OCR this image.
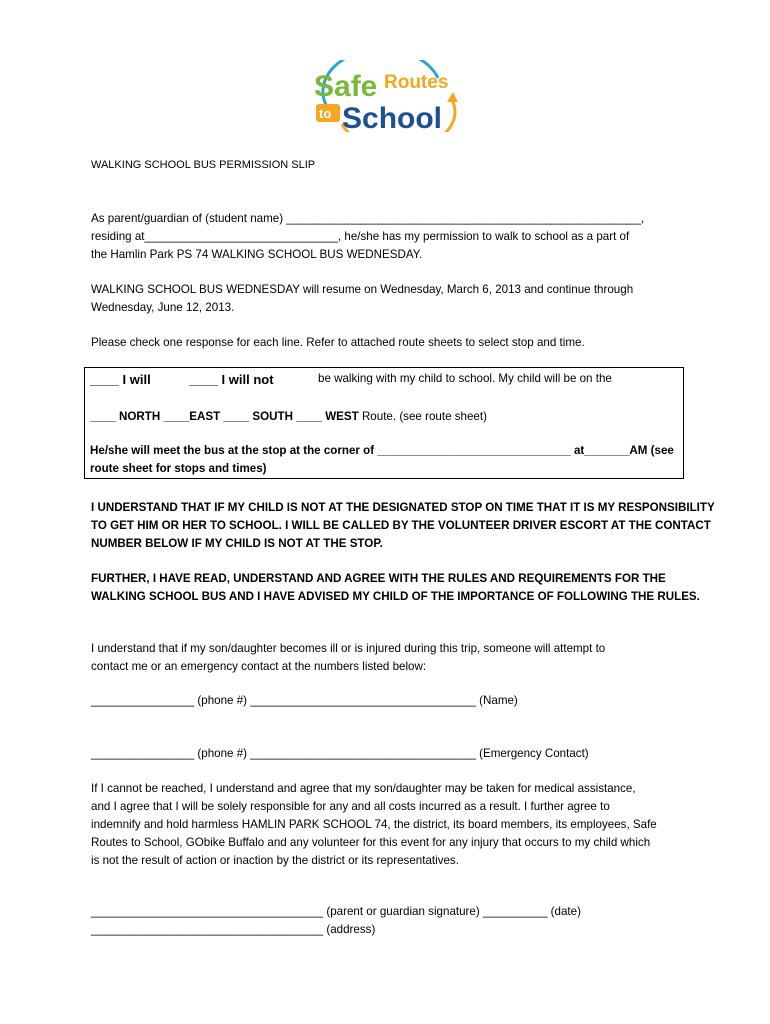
Safe Routes
to School
WALKING SCHOOL BUS PERMISSION SLIP
As parent/guardian of (student name) _______________________________________________________,
residing at______________________________, he/she has my permission to walk to school as a part of
the Hamlin Park PS 74 WALKING SCHOOL BUS WEDNESDAY.
WALKING SCHOOL BUS WEDNESDAY will resume on Wednesday, March 6, 2013 and continue through
Wednesday, June 12, 2013.
Please check one response for each line. Refer to attached route sheets to select stop and time.
____ I will	____ I will not	be walking with my child to school. My child will be on the
____ NORTH ____EAST ____ SOUTH ____ WEST Route. (see route sheet)
He/she will meet the bus at the stop at the corner of ______________________________ at_______AM (see
route sheet for stops and times)
I UNDERSTAND THAT IF MY CHILD IS NOT AT THE DESIGNATED STOP ON TIME THAT IT IS MY RESPONSIBILITY
TO GET HIM OR HER TO SCHOOL. I WILL BE CALLED BY THE VOLUNTEER DRIVER ESCORT AT THE CONTACT
NUMBER BELOW IF MY CHILD IS NOT AT THE STOP.
FURTHER, I HAVE READ, UNDERSTAND AND AGREE WITH THE RULES AND REQUIREMENTS FOR THE
WALKING SCHOOL BUS AND I HAVE ADVISED MY CHILD OF THE IMPORTANCE OF FOLLOWING THE RULES.
I understand that if my son/daughter becomes ill or is injured during this trip, someone will attempt to
contact me or an emergency contact at the numbers listed below:
________________ (phone #) ___________________________________ (Name)
________________ (phone #) ___________________________________ (Emergency Contact)
If I cannot be reached, I understand and agree that my son/daughter may be taken for medical assistance,
and I agree that I will be solely responsible for any and all costs incurred as a result. I further agree to
indemnify and hold harmless HAMLIN PARK SCHOOL 74, the district, its board members, its employees, Safe
Routes to School, GObike Buffalo and any volunteer for this event for any injury that occurs to my child which
is not the result of action or inaction by the district or its representatives.
____________________________________ (parent or guardian signature) __________ (date)
____________________________________ (address)
